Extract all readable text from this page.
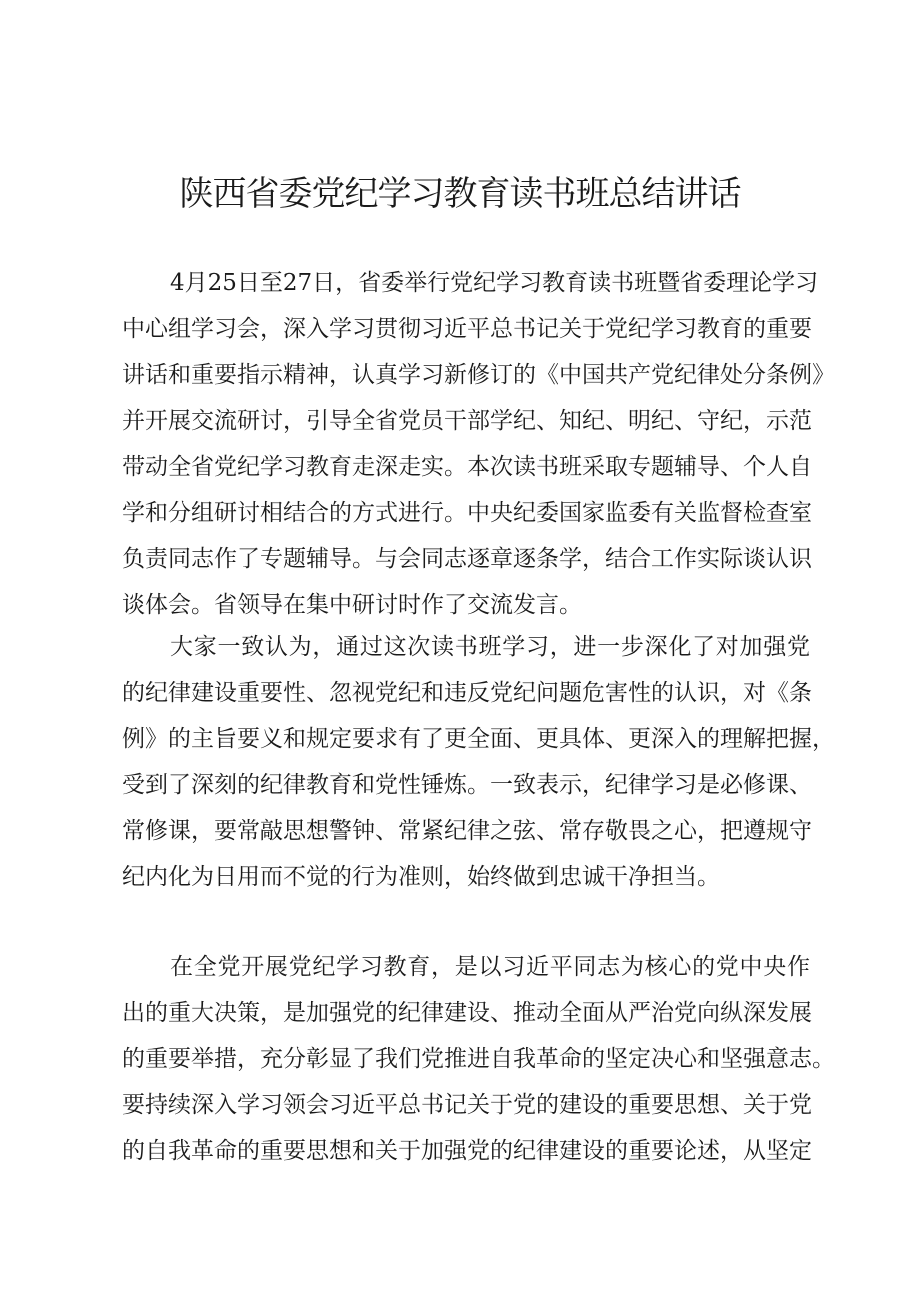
陕西省委党纪学习教育读书班总结讲话

4月25日至27日，省委举行党纪学习教育读书班暨省委理论学习

中心组学习会，深入学习贯彻习近平总书记关于党纪学习教育的重要

讲话和重要指示精神，认真学习新修订的《中国共产党纪律处分条例》

并开展交流研讨，引导全省党员干部学纪、知纪、明纪、守纪，示范

带动全省党纪学习教育走深走实。本次读书班采取专题辅导、个人自

学和分组研讨相结合的方式进行。中央纪委国家监委有关监督检查室

负责同志作了专题辅导。与会同志逐章逐条学，结合工作实际谈认识

谈体会。省领导在集中研讨时作了交流发言。

大家一致认为，通过这次读书班学习，进一步深化了对加强党

的纪律建设重要性、忽视党纪和违反党纪问题危害性的认识，对《条

例》的主旨要义和规定要求有了更全面、更具体、更深入的理解把握，

受到了深刻的纪律教育和党性锤炼。一致表示，纪律学习是必修课、

常修课，要常敲思想警钟、常紧纪律之弦、常存敬畏之心，把遵规守

纪内化为日用而不觉的行为准则，始终做到忠诚干净担当。

在全党开展党纪学习教育，是以习近平同志为核心的党中央作

出的重大决策，是加强党的纪律建设、推动全面从严治党向纵深发展

的重要举措，充分彰显了我们党推进自我革命的坚定决心和坚强意志。

要持续深入学习领会习近平总书记关于党的建设的重要思想、关于党

的自我革命的重要思想和关于加强党的纪律建设的重要论述，从坚定
